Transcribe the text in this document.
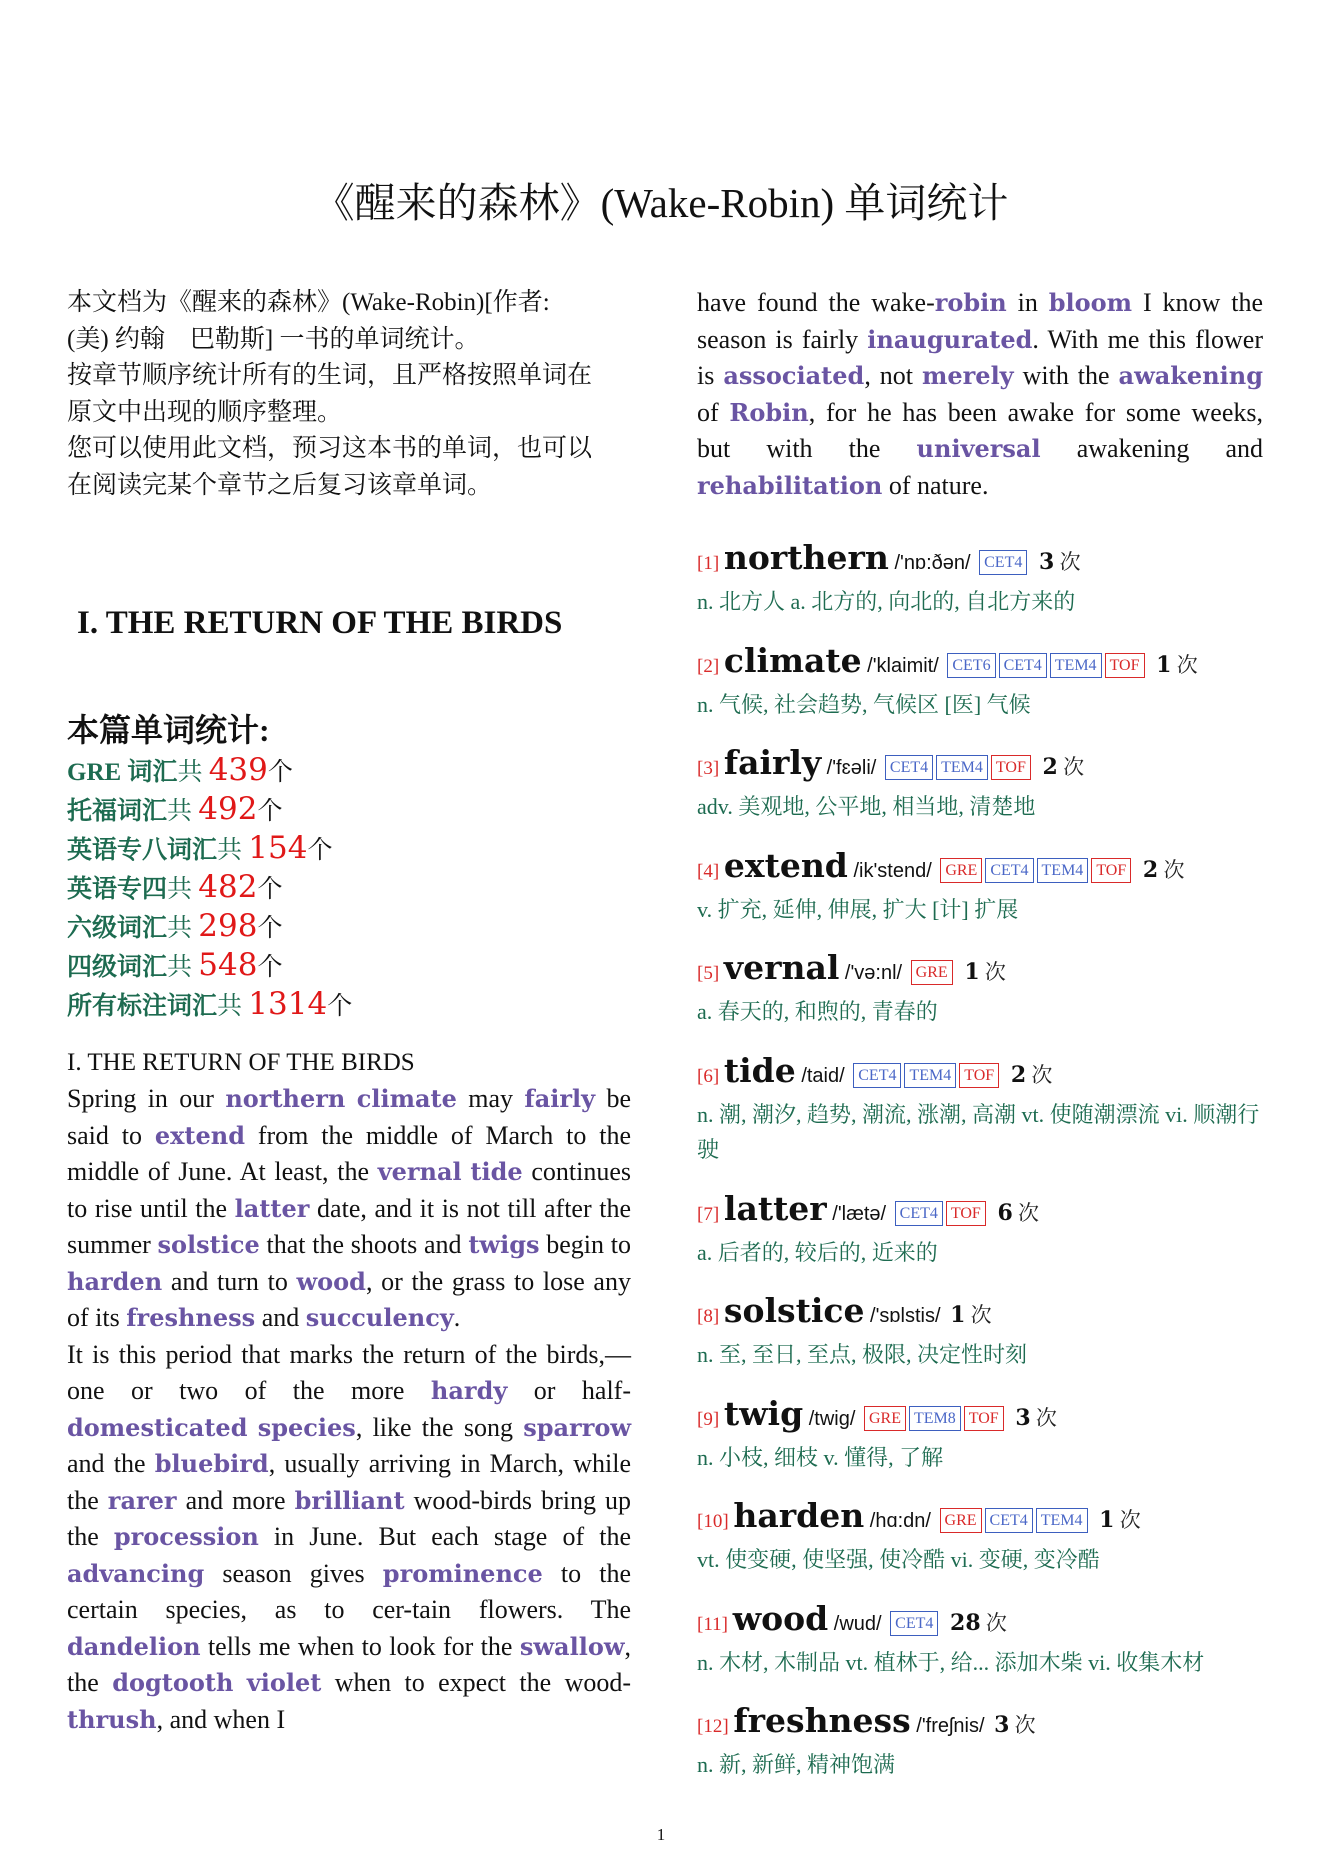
《醒来的森林》(Wake-Robin) 单词统计

本文档为《醒来的森林》(Wake-Robin)[作者:

(美) 约翰　巴勒斯] 一书的单词统计。

按章节顺序统计所有的生词，且严格按照单词在

原文中出现的顺序整理。

您可以使用此文档，预习这本书的单词，也可以

在阅读完某个章节之后复习该章单词。

I. THE RETURN OF THE BIRDS

本篇单词统计:

GRE 词汇共 439个
托福词汇共 492个
英语专八词汇共 154个
英语专四共 482个
六级词汇共 298个
四级词汇共 548个
所有标注词汇共 1314个

I. THE RETURN OF THE BIRDS

Spring in our northern climate may fairly be said to extend from the middle of March to the middle of June. At least, the vernal tide continues to rise until the latter date, and it is not till after the summer solstice that the shoots and twigs begin to harden and turn to wood, or the grass to lose any of its freshness and succulency.

It is this period that marks the return of the birds,—one or two of the more hardy or half-domesticated species, like the song sparrow and the bluebird, usually arriving in March, while the rarer and more brilliant wood-birds bring up the procession in June. But each stage of the advancing season gives prominence to the certain species, as to cer-tain flowers. The dandelion tells me when to look for the swallow, the dogtooth violet when to expect the wood-thrush, and when I

have found the wake-robin in bloom I know the season is fairly inaugurated. With me this flower is associated, not merely with the awakening of Robin, for he has been awake for some weeks, but with the universal awakening and rehabilitation of nature.

[1] northern /'nɒ:ðən/ CET4 3 次
n. 北方人 a. 北方的, 向北的, 自北方来的
[2] climate /'klaimit/ CET6 CET4 TEM4 TOF 1 次
n. 气候, 社会趋势, 气候区 [医] 气候
[3] fairly /'fɛəli/ CET4 TEM4 TOF 2 次
adv. 美观地, 公平地, 相当地, 清楚地
[4] extend /ik'stend/ GRE CET4 TEM4 TOF 2 次
v. 扩充, 延伸, 伸展, 扩大 [计] 扩展
[5] vernal /'və:nl/ GRE 1 次
a. 春天的, 和煦的, 青春的
[6] tide /taid/ CET4 TEM4 TOF 2 次
n. 潮, 潮汐, 趋势, 潮流, 涨潮, 高潮 vt. 使随潮漂流 vi. 顺潮行驶
[7] latter /'lætə/ CET4 TOF 6 次
a. 后者的, 较后的, 近来的
[8] solstice /'sɒlstis/ 1 次
n. 至, 至日, 至点, 极限, 决定性时刻
[9] twig /twig/ GRE TEM8 TOF 3 次
n. 小枝, 细枝 v. 懂得, 了解
[10] harden /hɑ:dn/ GRE CET4 TEM4 1 次
vt. 使变硬, 使坚强, 使冷酷 vi. 变硬, 变冷酷
[11] wood /wud/ CET4 28 次
n. 木材, 木制品 vt. 植林于, 给... 添加木柴 vi. 收集木材
[12] freshness /'freʃnis/ 3 次
n. 新, 新鲜, 精神饱满
1
